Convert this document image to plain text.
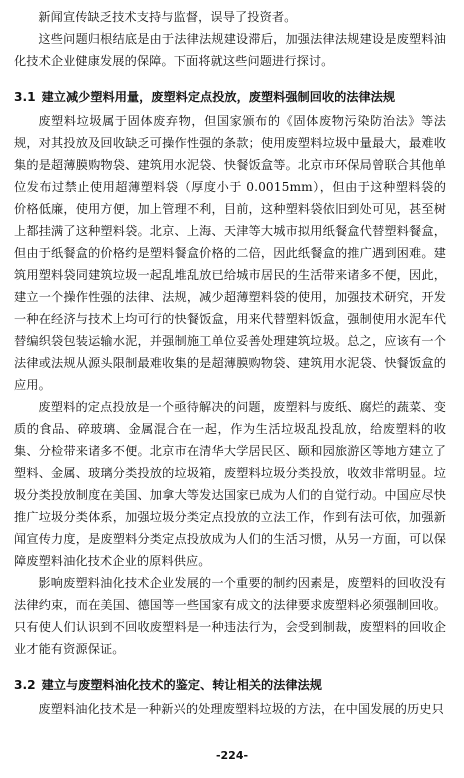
新闻宣传缺乏技术支持与监督，误导了投资者。

这些问题归根结底是由于法律法规建设滞后，加强法律法规建设是废塑料油化技术企业健康发展的保障。下面将就这些问题进行探讨。

3.1 建立减少塑料用量，废塑料定点投放，废塑料强制回收的法律法规

废塑料垃圾属于固体废弃物，但国家颁布的《固体废物污染防治法》等法规，对其投放及回收缺乏可操作性强的条款；使用废塑料垃圾中量最大，最难收集的是超薄膜购物袋、建筑用水泥袋、快餐饭盒等。北京市环保局曾联合其他单位发布过禁止使用超薄塑料袋（厚度小于 0.0015mm），但由于这种塑料袋的价格低廉，使用方便，加上管理不利，目前，这种塑料袋依旧到处可见，甚至树上都挂满了这种塑料袋。北京、上海、天津等大城市拟用纸餐盒代替塑料餐盒，但由于纸餐盒的价格约是塑料餐盒价格的二倍，因此纸餐盒的推广遇到困难。建筑用塑料袋同建筑垃圾一起乱堆乱放已给城市居民的生活带来诸多不便，因此，建立一个操作性强的法律、法规，减少超薄塑料袋的使用，加强技术研究，开发一种在经济与技术上均可行的快餐饭盒，用来代替塑料饭盒，强制使用水泥车代替编织袋包装运输水泥，并强制施工单位妥善处理建筑垃圾。总之，应该有一个法律或法规从源头限制最难收集的是超薄膜购物袋、建筑用水泥袋、快餐饭盒的应用。

废塑料的定点投放是一个亟待解决的问题，废塑料与废纸、腐烂的蔬菜、变质的食品、碎玻璃、金属混合在一起，作为生活垃圾乱投乱放，给废塑料的收集、分检带来诸多不便。北京市在清华大学居民区、颐和园旅游区等地方建立了塑料、金属、玻璃分类投放的垃圾箱，废塑料垃圾分类投放，收效非常明显。垃圾分类投放制度在美国、加拿大等发达国家已成为人们的自觉行动。中国应尽快推广垃圾分类体系，加强垃圾分类定点投放的立法工作，作到有法可依，加强新闻宣传力度，是废塑料分类定点投放成为人们的生活习惯，从另一方面，可以保障废塑料油化技术企业的原料供应。

影响废塑料油化技术企业发展的一个重要的制约因素是，废塑料的回收没有法律约束，而在美国、德国等一些国家有成文的法律要求废塑料必须强制回收。只有使人们认识到不回收废塑料是一种违法行为，会受到制裁，废塑料的回收企业才能有资源保证。

3.2 建立与废塑料油化技术的鉴定、转让相关的法律法规

废塑料油化技术是一种新兴的处理废塑料垃圾的方法，在中国发展的历史只

-224-
